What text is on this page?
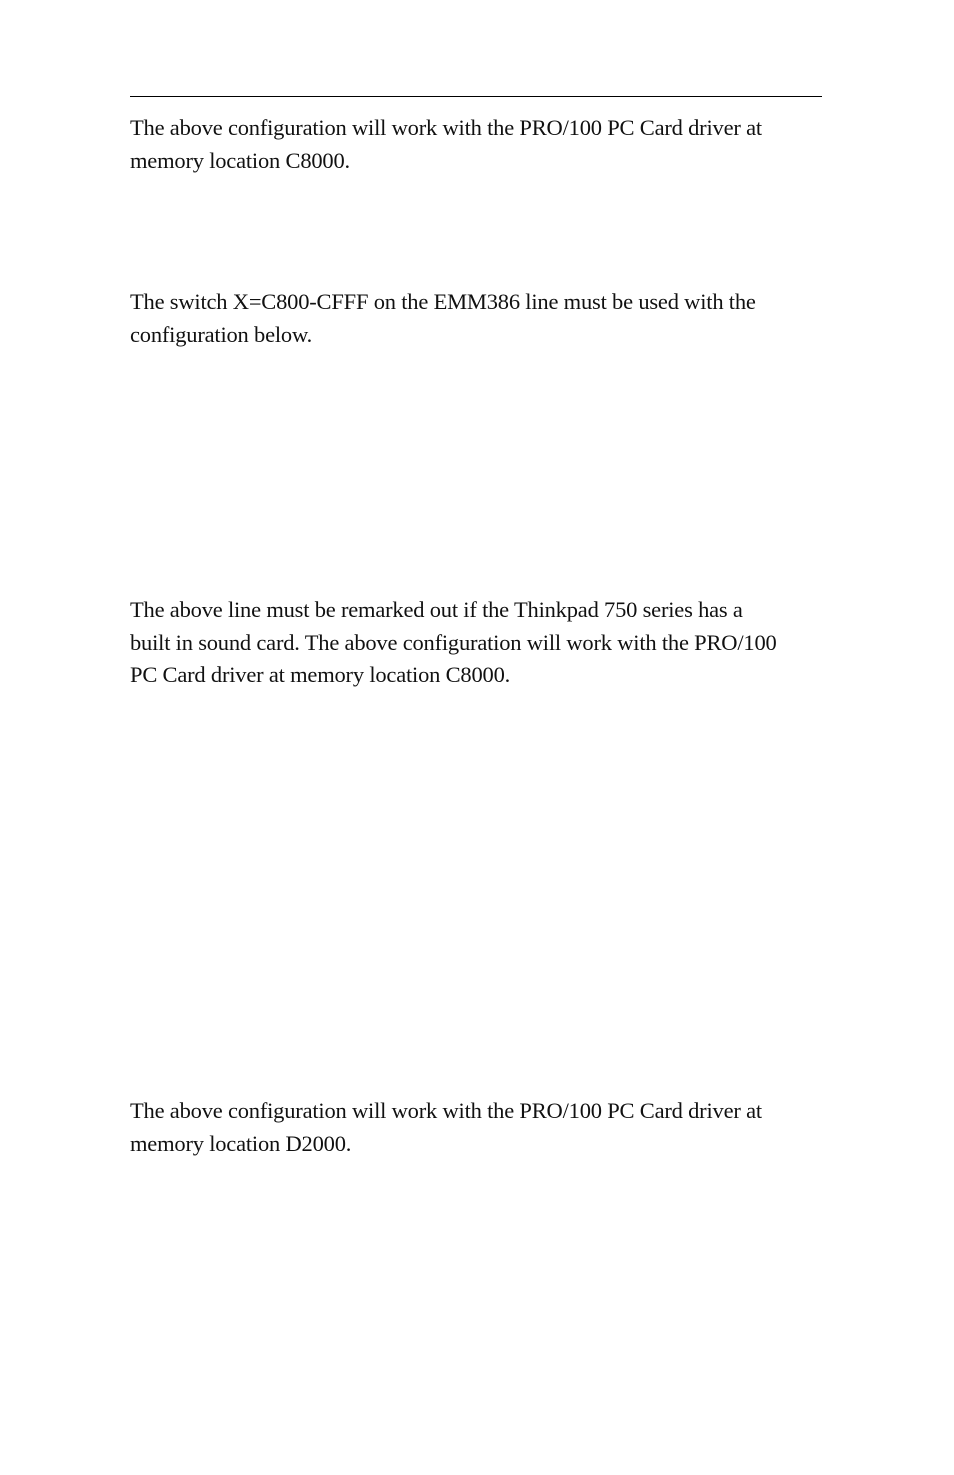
The above configuration will work with the PRO/100 PC Card driver at
memory location C8000.

The switch X=C800-CFFF on the EMM386 line must be used with the
configuration below.

The above line must be remarked out if the Thinkpad 750 series has a
built in sound card. The above configuration will work with the PRO/100
PC Card driver at memory location C8000.

The above configuration will work with the PRO/100 PC Card driver at
memory location D2000.
